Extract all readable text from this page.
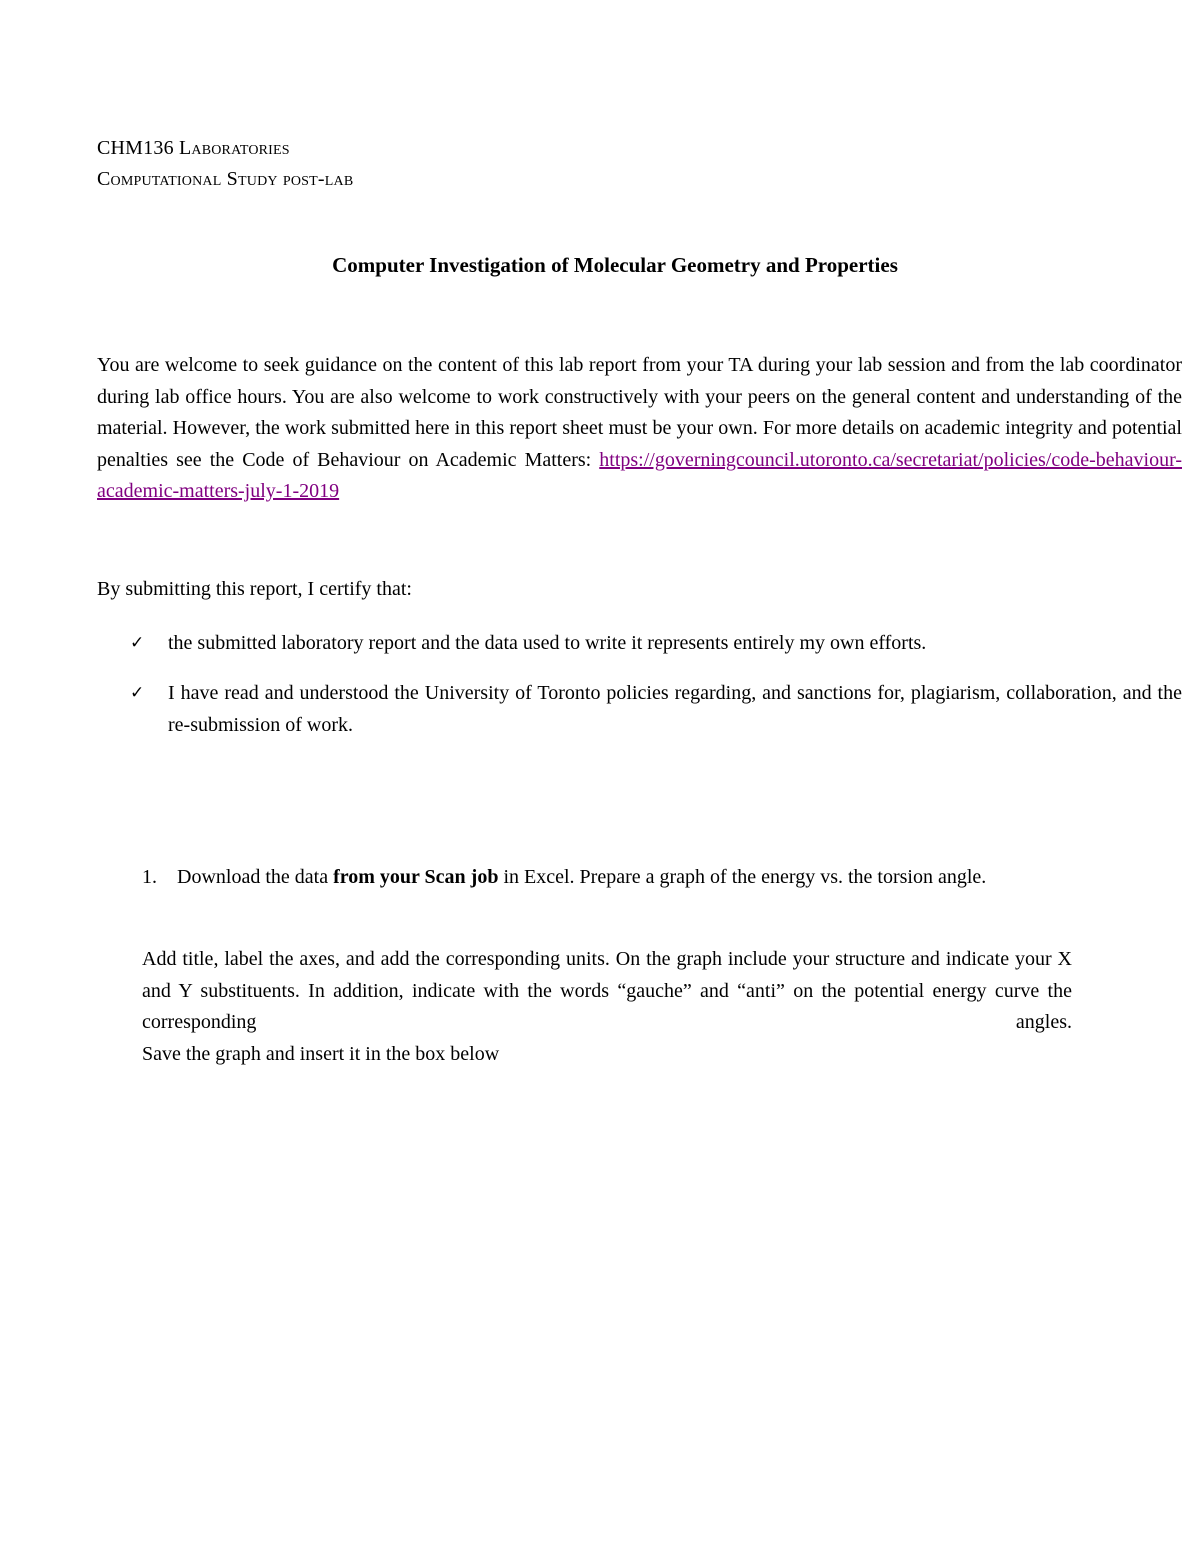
CHM136 Laboratories
Computational Study post-lab
Computer Investigation of Molecular Geometry and Properties
You are welcome to seek guidance on the content of this lab report from your TA during your lab session and from the lab coordinator during lab office hours. You are also welcome to work constructively with your peers on the general content and understanding of the material. However, the work submitted here in this report sheet must be your own. For more details on academic integrity and potential penalties see the Code of Behaviour on Academic Matters: https://governingcouncil.utoronto.ca/secretariat/policies/code-behaviour-academic-matters-july-1-2019
By submitting this report, I certify that:
✓ the submitted laboratory report and the data used to write it represents entirely my own efforts.
✓ I have read and understood the University of Toronto policies regarding, and sanctions for, plagiarism, collaboration, and the re-submission of work.
1. Download the data from your Scan job in Excel. Prepare a graph of the energy vs. the torsion angle.
Add title, label the axes, and add the corresponding units. On the graph include your structure and indicate your X and Y substituents. In addition, indicate with the words “gauche” and “anti” on the potential energy curve the corresponding angles.
Save the graph and insert it in the box below
